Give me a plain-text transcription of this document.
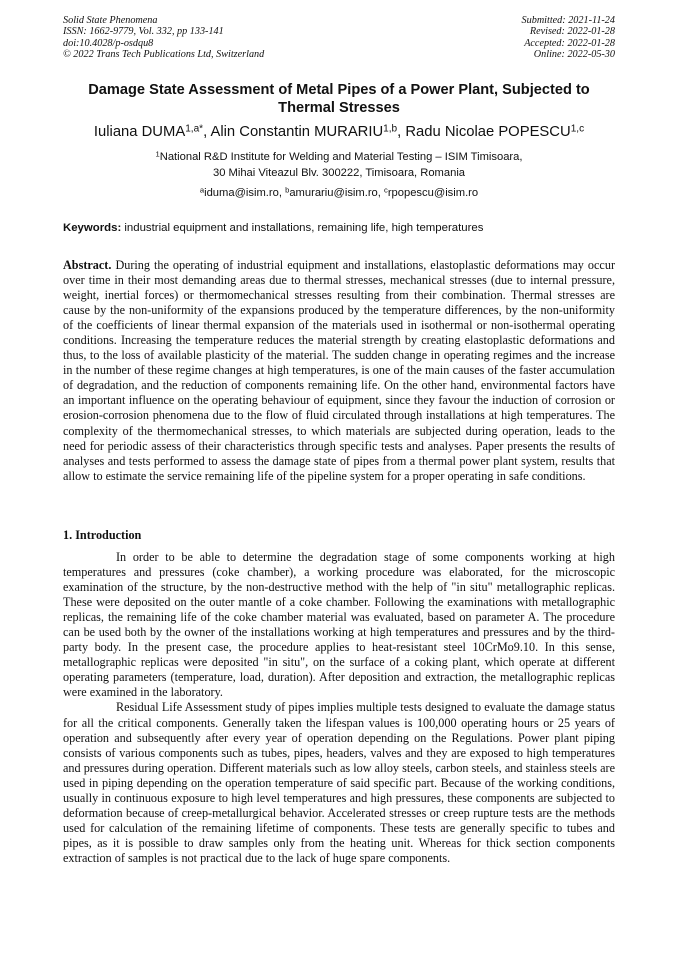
Solid State Phenomena
ISSN: 1662-9779, Vol. 332, pp 133-141
doi:10.4028/p-osdqu8
© 2022 Trans Tech Publications Ltd, Switzerland
Submitted: 2021-11-24
Revised: 2022-01-28
Accepted: 2022-01-28
Online: 2022-05-30
Damage State Assessment of Metal Pipes of a Power Plant, Subjected to Thermal Stresses
Iuliana $DUMA^{1,a*}$, Alin Constantin MURARIU$^{1,b}$, Radu Nicolae POPESCU$^{1,c}$
$^1$National R&D Institute for Welding and Material Testing – ISIM Timisoara,
30 Mihai Viteazul Blv. 300222, Timisoara, Romania
$^a$iduma@isim.ro, $^b$amurariu@isim.ro, $^c$rpopescu@isim.ro
Keywords: industrial equipment and installations, remaining life, high temperatures
Abstract. During the operating of industrial equipment and installations, elastoplastic deformations may occur over time in their most demanding areas due to thermal stresses, mechanical stresses (due to internal pressure, weight, inertial forces) or thermomechanical stresses resulting from their combination. Thermal stresses are cause by the non-uniformity of the expansions produced by the temperature differences, by the non-uniformity of the coefficients of linear thermal expansion of the materials used in isothermal or non-isothermal operating conditions. Increasing the temperature reduces the material strength by creating elastoplastic deformations and thus, to the loss of available plasticity of the material. The sudden change in operating regimes and the increase in the number of these regime changes at high temperatures, is one of the main causes of the faster accumulation of degradation, and the reduction of components remaining life. On the other hand, environmental factors have an important influence on the operating behaviour of equipment, since they favour the induction of corrosion or erosion-corrosion phenomena due to the flow of fluid circulated through installations at high temperatures. The complexity of the thermomechanical stresses, to which materials are subjected during operation, leads to the need for periodic assess of their characteristics through specific tests and analyses. Paper presents the results of analyses and tests performed to assess the damage state of pipes from a thermal power plant system, results that allow to estimate the service remaining life of the pipeline system for a proper operating in safe conditions.
1. Introduction

In order to be able to determine the degradation stage of some components working at high temperatures and pressures (coke chamber), a working procedure was elaborated, for the microscopic examination of the structure, by the non-destructive method with the help of "in situ" metallographic replicas. These were deposited on the outer mantle of a coke chamber. Following the examinations with metallographic replicas, the remaining life of the coke chamber material was evaluated, based on parameter A. The procedure can be used both by the owner of the installations working at high temperatures and pressures and by the third-party body. In the present case, the procedure applies to heat-resistant steel 10CrMo9.10. In this sense, metallographic replicas were deposited "in situ", on the surface of a coking plant, which operate at different operating parameters (temperature, load, duration). After deposition and extraction, the metallographic replicas were examined in the laboratory.

Residual Life Assessment study of pipes implies multiple tests designed to evaluate the damage status for all the critical components. Generally taken the lifespan values is 100,000 operating hours or 25 years of operation and subsequently after every year of operation depending on the Regulations. Power plant piping consists of various components such as tubes, pipes, headers, valves and they are exposed to high temperatures and pressures during operation. Different materials such as low alloy steels, carbon steels, and stainless steels are used in piping depending on the operation temperature of said specific part. Because of the working conditions, usually in continuous exposure to high level temperatures and high pressures, these components are subjected to deformation because of creep-metallurgical behavior. Accelerated stresses or creep rupture tests are the methods used for calculation of the remaining lifetime of components. These tests are generally specific to tubes and pipes, as it is possible to draw samples only from the heating unit. Whereas for thick section components extraction of samples is not practical due to the lack of huge spare components.
